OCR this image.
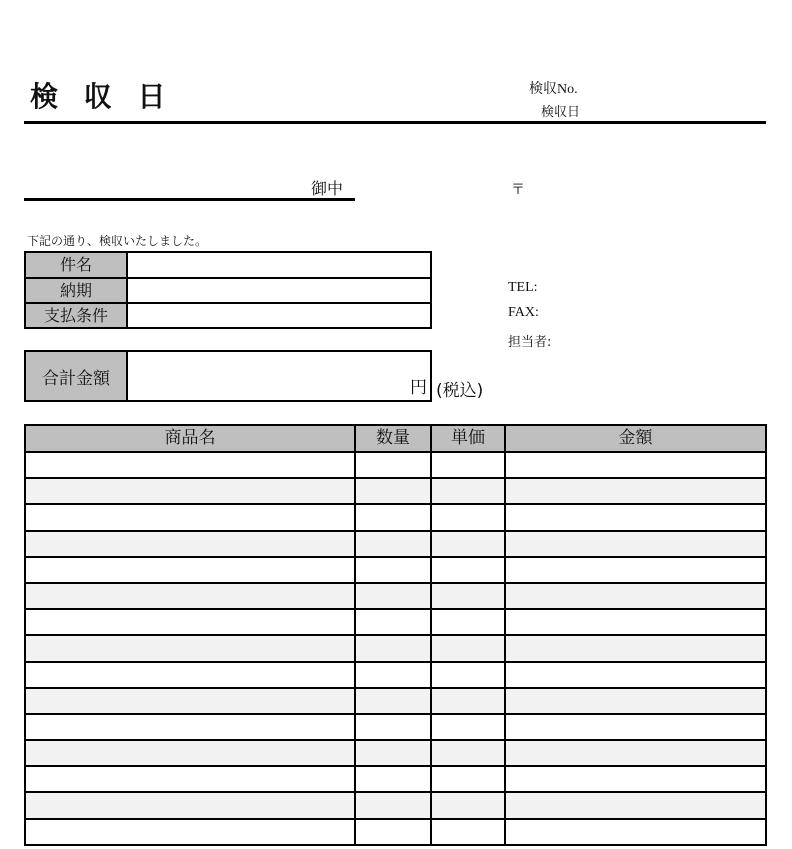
検 収 日	検収No.
検収日
御中	〒
下記の通り、検収いたしました。
件名
納期
支払条件
TEL:
FAX:
担当者:
合計金額	円 (税込)
商品名	数量	単価	金額
